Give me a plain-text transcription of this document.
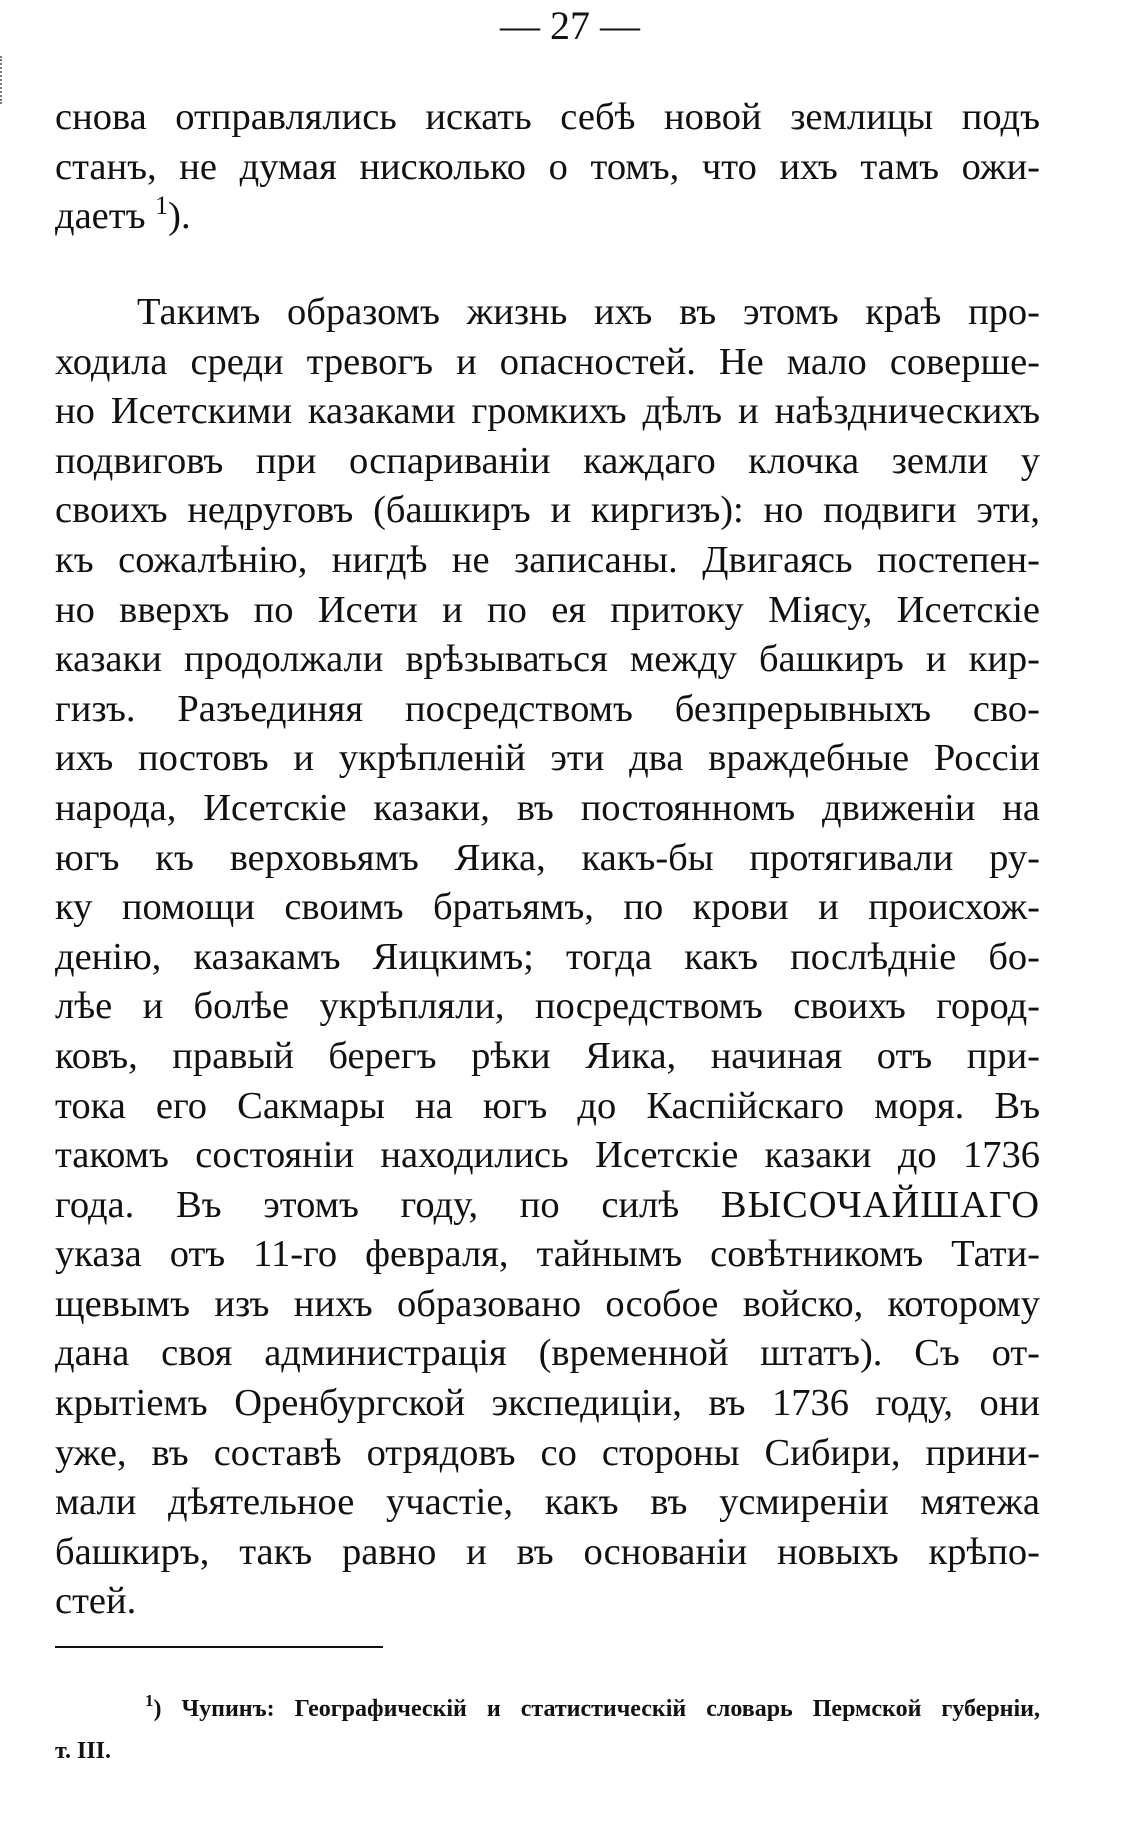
— 27 —
снова отправлялись искать себѣ новой землицы подъ
станъ, не думая нисколько о томъ, что ихъ тамъ ожи-
даетъ $^1$).
Такимъ образомъ жизнь ихъ въ этомъ краѣ про-
ходила среди тревогъ и опасностей. Не мало соверше-
но Исетскими казаками громкихъ дѣлъ и наѣздническихъ
подвиговъ при оспариваніи каждаго клочка земли у
своихъ недруговъ (башкиръ и киргизъ): но подвиги эти,
къ сожалѣнію, нигдѣ не записаны. Двигаясь постепен-
но вверхъ по Исети и по ея притоку Міясу, Исетскіе
казаки продолжали врѣзываться между башкиръ и кир-
гизъ. Разъединяя посредствомъ безпрерывныхъ сво-
ихъ постовъ и укрѣпленій эти два враждебные Россіи
народа, Исетскіе казаки, въ постоянномъ движеніи на
югъ къ верховьямъ Яика, какъ-бы протягивали ру-
ку помощи своимъ братьямъ, по крови и происхож-
денію, казакамъ Яицкимъ; тогда какъ послѣдніе бо-
лѣе и болѣе укрѣпляли, посредствомъ своихъ город-
ковъ, правый берегъ рѣки Яика, начиная отъ при-
тока его Сакмары на югъ до Каспійскаго моря. Въ
такомъ состояніи находились Исетскіе казаки до 1736
года. Въ этомъ году, по силѣ ВЫСОЧАЙШАГО
указа отъ 11-го февраля, тайнымъ совѣтникомъ Тати-
щевымъ изъ нихъ образовано особое войско, которому
дана своя администрація (временной штатъ). Съ от-
крытіемъ Оренбургской экспедиціи, въ 1736 году, они
уже, въ составѣ отрядовъ со стороны Сибири, прини-
мали дѣятельное участіе, какъ въ усмиреніи мятежа
башкиръ, такъ равно и въ основаніи новыхъ крѣпо-
стей.
$^1$) Чупинъ: Географическій и статистическій словарь Пермской губерніи,
т. III.
